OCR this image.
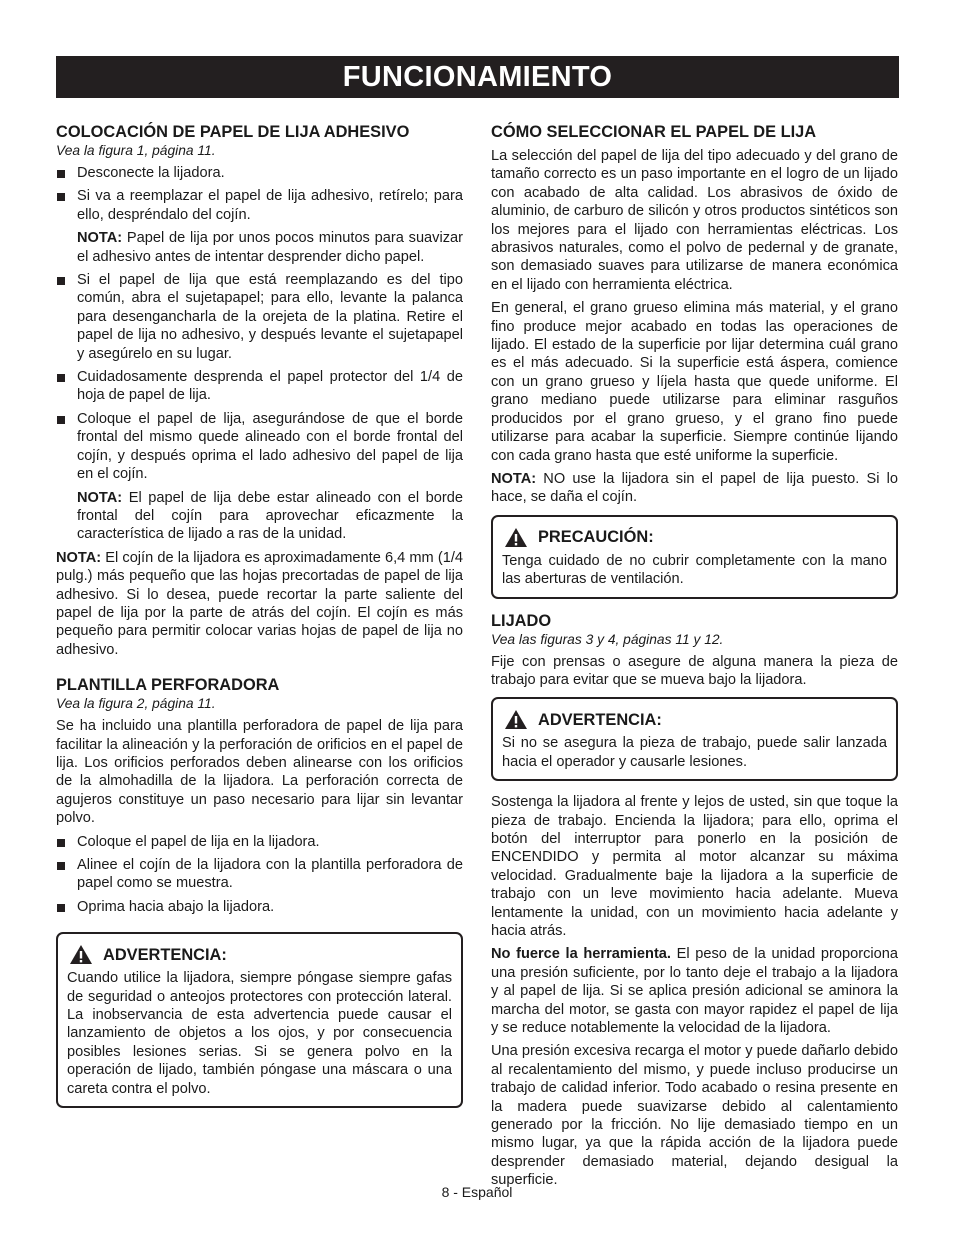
FUNCIONAMIENTO
COLOCACIÓN DE PAPEL DE LIJA ADHESIVO
Vea la figura 1, página 11.
Desconecte la lijadora.
Si va a reemplazar el papel de lija adhesivo, retírelo; para ello, despréndalo del cojín.

NOTA: Papel de lija por unos pocos minutos para suavizar el adhesivo antes de intentar desprender dicho papel.

Si el papel de lija que está reemplazando es del tipo común, abra el sujetapapel; para ello, levante la palanca para desengancharla de la orejeta de la platina. Retire el papel de lija no adhesivo, y después levante el sujetapapel y asegúrelo en su lugar.
Cuidadosamente desprenda el papel protector del 1/4 de hoja de papel de lija.
Coloque el papel de lija, asegurándose de que el borde frontal del mismo quede alineado con el borde frontal del cojín, y después oprima el lado adhesivo del papel de lija en el cojín.

NOTA: El papel de lija debe estar alineado con el borde frontal del cojín para aprovechar eficazmente la característica de lijado a ras de la unidad.

NOTA: El cojín de la lijadora es aproximadamente 6,4 mm (1/4 pulg.) más pequeño que las hojas precortadas de papel de lija adhesivo. Si lo desea, puede recortar la parte saliente del papel de lija por la parte de atrás del cojín. El cojín es más pequeño para permitir colocar varias hojas de papel de lija no adhesivo.

PLANTILLA PERFORADORA
Vea la figura 2, página 11.

Se ha incluido una plantilla perforadora de papel de lija para facilitar la alineación y la perforación de orificios en el papel de lija. Los orificios perforados deben alinearse con los orificios de la almohadilla de la lijadora. La perforación correcta de agujeros constituye un paso necesario para lijar sin levantar polvo.

Coloque el papel de lija en la lijadora.
Alinee el cojín de la lijadora con la plantilla perforadora de papel como se muestra.
Oprima hacia abajo la lijadora.
ADVERTENCIA:

Cuando utilice la lijadora, siempre póngase siempre gafas de seguridad o anteojos protectores con protección lateral. La inobservancia de esta advertencia puede causar el lanzamiento de objetos a los ojos, y por consecuencia posibles lesiones serias. Si se genera polvo en la operación de lijado, también póngase una máscara o una careta contra el polvo.

CÓMO SELECCIONAR EL PAPEL DE LIJA

La selección del papel de lija del tipo adecuado y del grano de tamaño correcto es un paso importante en el logro de un lijado con acabado de alta calidad. Los abrasivos de óxido de aluminio, de carburo de silicón y otros productos sintéticos son los mejores para el lijado con herramientas eléctricas. Los abrasivos naturales, como el polvo de pedernal y de granate, son demasiado suaves para utilizarse de manera económica en el lijado con herramienta eléctrica.

En general, el grano grueso elimina más material, y el grano fino produce mejor acabado en todas las operaciones de lijado. El estado de la superficie por lijar determina cuál grano es el más adecuado. Si la superficie está áspera, comience con un grano grueso y líjela hasta que quede uniforme. El grano mediano puede utilizarse para eliminar rasguños producidos por el grano grueso, y el grano fino puede utilizarse para acabar la superficie. Siempre continúe lijando con cada grano hasta que esté uniforme la superficie.

NOTA: NO use la lijadora sin el papel de lija puesto. Si lo hace, se daña el cojín.

PRECAUCIÓN:

Tenga cuidado de no cubrir completamente con la mano las aberturas de ventilación.

LIJADO
Vea las figuras 3 y 4, páginas 11 y 12.

Fije con prensas o asegure de alguna manera la pieza de trabajo para evitar que se mueva bajo la lijadora.

ADVERTENCIA:

Si no se asegura la pieza de trabajo, puede salir lanzada hacia el operador y causarle lesiones.

Sostenga la lijadora al frente y lejos de usted, sin que toque la pieza de trabajo. Encienda la lijadora; para ello, oprima el botón del interruptor para ponerlo en la posición de ENCENDIDO y permita al motor alcanzar su máxima velocidad. Gradualmente baje la lijadora a la superficie de trabajo con un leve movimiento hacia adelante. Mueva lentamente la unidad, con un movimiento hacia adelante y hacia atrás.

No fuerce la herramienta. El peso de la unidad proporciona una presión suficiente, por lo tanto deje el trabajo a la lijadora y al papel de lija. Si se aplica presión adicional se aminora la marcha del motor, se gasta con mayor rapidez el papel de lija y se reduce notablemente la velocidad de la lijadora.

Una presión excesiva recarga el motor y puede dañarlo debido al recalentamiento del mismo, y puede incluso producirse un trabajo de calidad inferior. Todo acabado o resina presente en la madera puede suavizarse debido al calentamiento generado por la fricción. No lije demasiado tiempo en un mismo lugar, ya que la rápida acción de la lijadora puede desprender demasiado material, dejando desigual la superficie.

8 - Español
